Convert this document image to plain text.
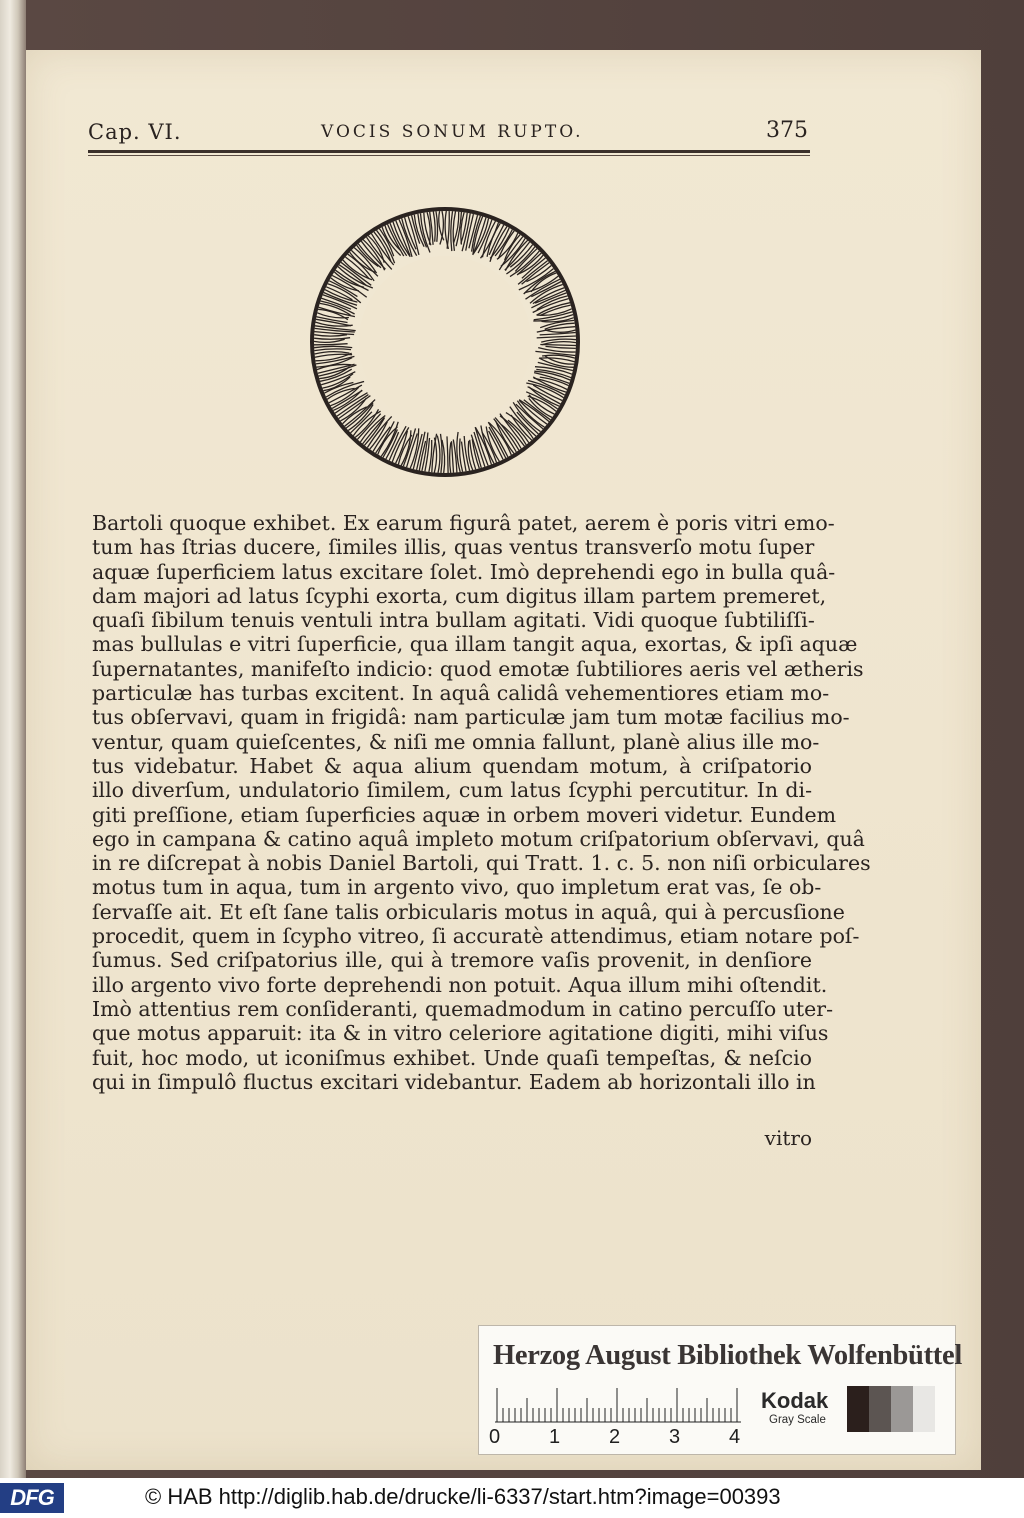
Cap. VI.	VOCIS SONUM RUPTO.	375
Bartoli quoque exhibet. Ex earum figurâ patet, aerem è poris vitri emo-
tum has ſtrias ducere, ſimiles illis, quas ventus transverſo motu ſuper
aquæ ſuperficiem latus excitare ſolet. Imò deprehendi ego in bulla quâ-
dam majori ad latus ſcyphi exorta, cum digitus illam partem premeret,
quaſi ſibilum tenuis ventuli intra bullam agitati. Vidi quoque ſubtiliſſi-
mas bullulas e vitri ſuperficie, qua illam tangit aqua, exortas, & ipſi aquæ
ſupernatantes, manifeſto indicio: quod emotæ ſubtiliores aeris vel ætheris
particulæ has turbas excitent. In aquâ calidâ vehementiores etiam mo-
tus obſervavi, quam in frigidâ: nam particulæ jam tum motæ facilius mo-
ventur, quam quieſcentes, & niſi me omnia fallunt, planè alius ille mo-
tus videbatur. Habet & aqua alium quendam motum, à criſpatorio
illo diverſum, undulatorio ſimilem, cum latus ſcyphi percutitur. In di-
giti preſſione, etiam ſuperficies aquæ in orbem moveri videtur. Eundem
ego in campana & catino aquâ impleto motum criſpatorium obſervavi, quâ
in re diſcrepat à nobis Daniel Bartoli, qui Tratt. 1. c. 5. non niſi orbiculares
motus tum in aqua, tum in argento vivo, quo impletum erat vas, ſe ob-
ſervaſſe ait. Et eſt ſane talis orbicularis motus in aquâ, qui à percusſione
procedit, quem in ſcypho vitreo, ſi accuratè attendimus, etiam notare poſ-
ſumus. Sed criſpatorius ille, qui à tremore vaſis provenit, in denſiore
illo argento vivo forte deprehendi non potuit. Aqua illum mihi oſtendit.
Imò attentius rem conſideranti, quemadmodum in catino percuſſo uter-
que motus apparuit: ita & in vitro celeriore agitatione digiti, mihi viſus
fuit, hoc modo, ut iconiſmus exhibet. Unde quaſi tempeſtas, & neſcio
qui in ſimpulô fluctus excitari videbantur. Eadem ab horizontali illo in
vitro
Herzog August Bibliothek Wolfenbüttel
0 1 2 3 4
Kodak
Gray Scale
DFG	© HAB http://diglib.hab.de/drucke/li-6337/start.htm?image=00393
